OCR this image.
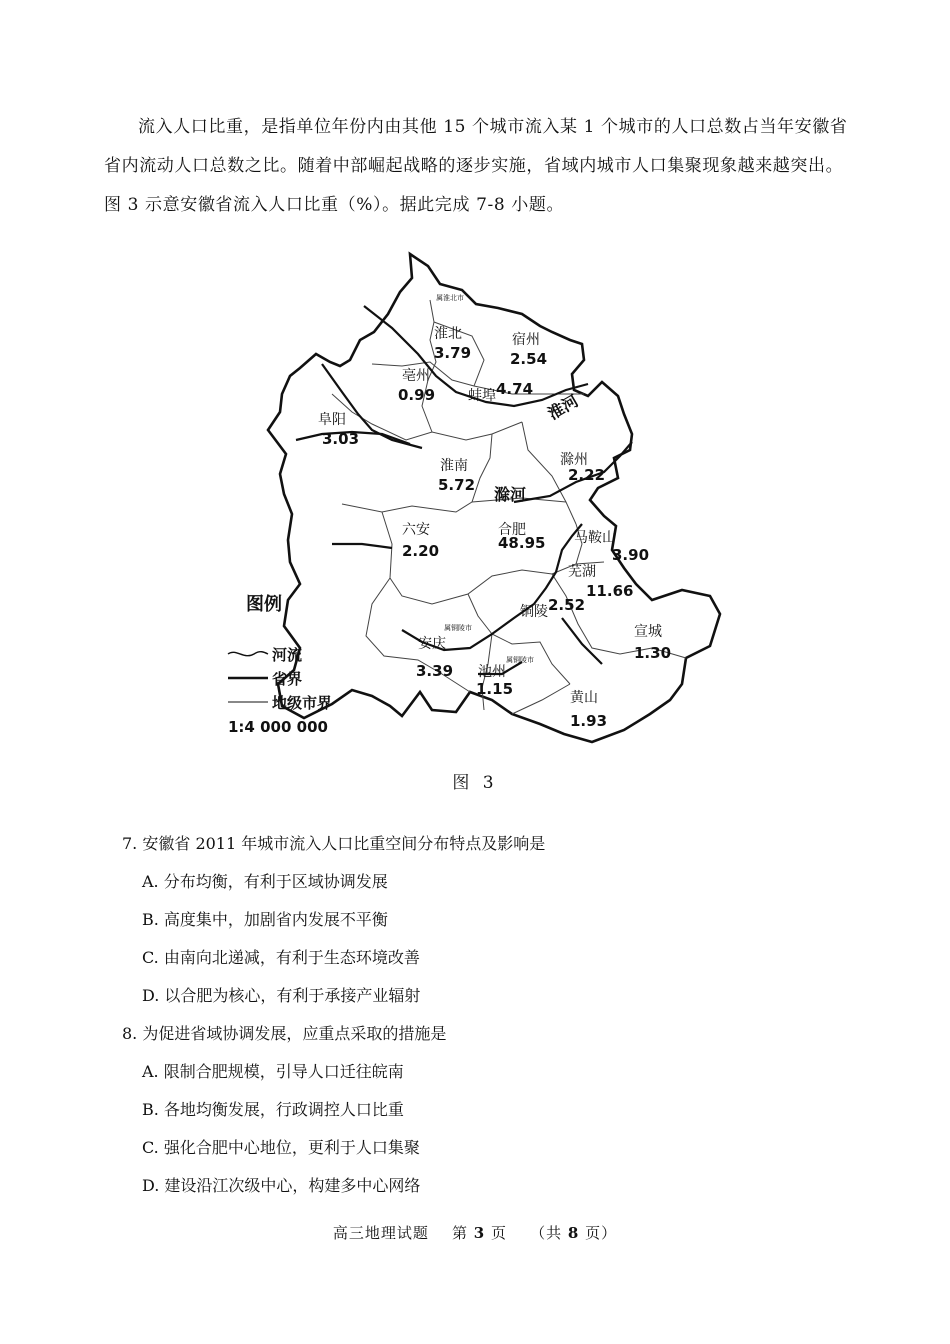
流入人口比重，是指单位年份内由其他 15 个城市流入某 1 个城市的人口总数占当年安徽省省内流动人口总数之比。随着中部崛起战略的逐步实施，省域内城市人口集聚现象越来越突出。图 3 示意安徽省流入人口比重（%）。据此完成 7-8 小题。

淮北
3.79
宿州
2.54
亳州
0.99 蚌埠 4.74
阜阳
3.03
淮南
5.72
滁州
2.22
六安
2.20
合肥
48.95 马鞍山
3.90
芜湖
11.66
铜陵 2.52
宣城
1.30
安庆
3.39 池州
1.15	黄山
1.93
属淮北市
属铜陵市
属铜陵市
淮河
滁河
图例
河流
省界
地级市界
1:4 000 000
图 3
7. 安徽省 2011 年城市流入人口比重空间分布特点及影响是
A. 分布均衡，有利于区域协调发展
B. 高度集中，加剧省内发展不平衡
C. 由南向北递减，有利于生态环境改善
D. 以合肥为核心，有利于承接产业辐射
8. 为促进省域协调发展，应重点采取的措施是
A. 限制合肥规模，引导人口迁往皖南
B. 各地均衡发展，行政调控人口比重
C. 强化合肥中心地位，更利于人口集聚
D. 建设沿江次级中心，构建多中心网络
高三地理试题 第 3 页 （共 8 页）
